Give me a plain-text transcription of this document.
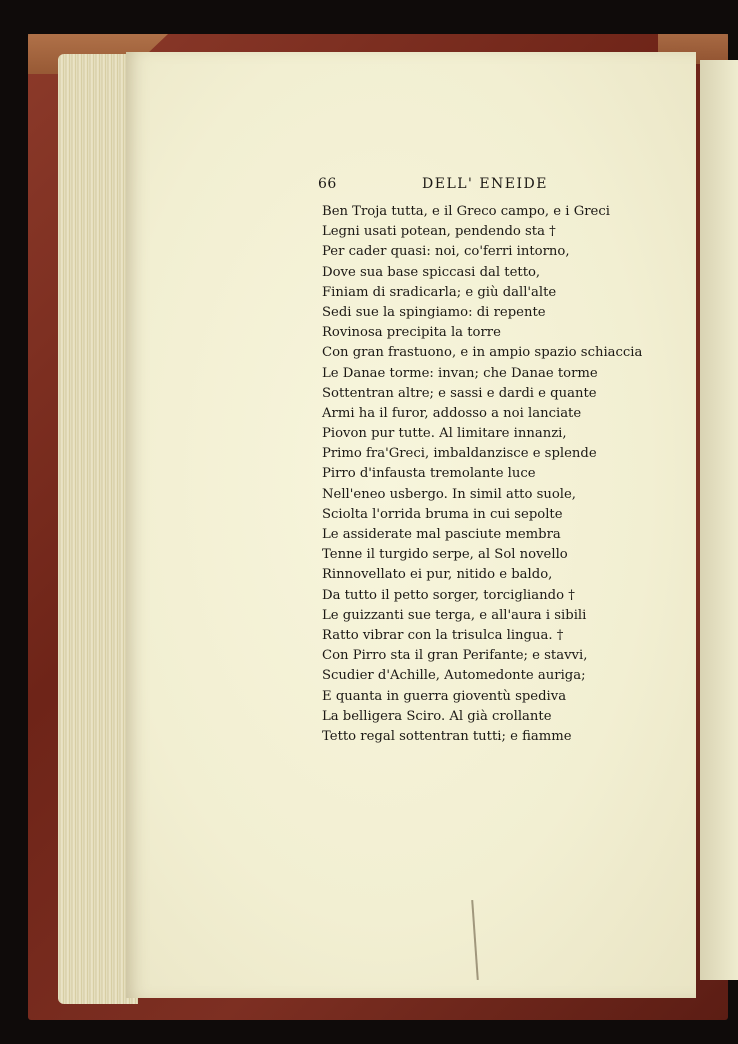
66	DELL' ENEIDE
Ben Troja tutta, e il Greco campo, e i Greci
Legni usati potean, pendendo sta †
Per cader quasi: noi, co'ferri intorno,
Dove sua base spiccasi dal tetto,
Finiam di sradicarla; e giù dall'alte
Sedi sue la spingiamo: di repente
Rovinosa precipita la torre
Con gran frastuono, e in ampio spazio schiaccia
Le Danae torme: invan; che Danae torme
Sottentran altre; e sassi e dardi e quante
Armi ha il furor, addosso a noi lanciate
Piovon pur tutte. Al limitare innanzi,
Primo fra'Greci, imbaldanzisce e splende
Pirro d'infausta tremolante luce
Nell'eneo usbergo. In simil atto suole,
Sciolta l'orrida bruma in cui sepolte
Le assiderate mal pasciute membra
Tenne il turgido serpe, al Sol novello
Rinnovellato ei pur, nitido e baldo,
Da tutto il petto sorger, torcigliando †
Le guizzanti sue terga, e all'aura i sibili
Ratto vibrar con la trisulca lingua. †
Con Pirro sta il gran Perifante; e stavvi,
Scudier d'Achille, Automedonte auriga;
E quanta in guerra gioventù spediva
La belligera Sciro. Al già crollante
Tetto regal sottentran tutti; e fiamme
